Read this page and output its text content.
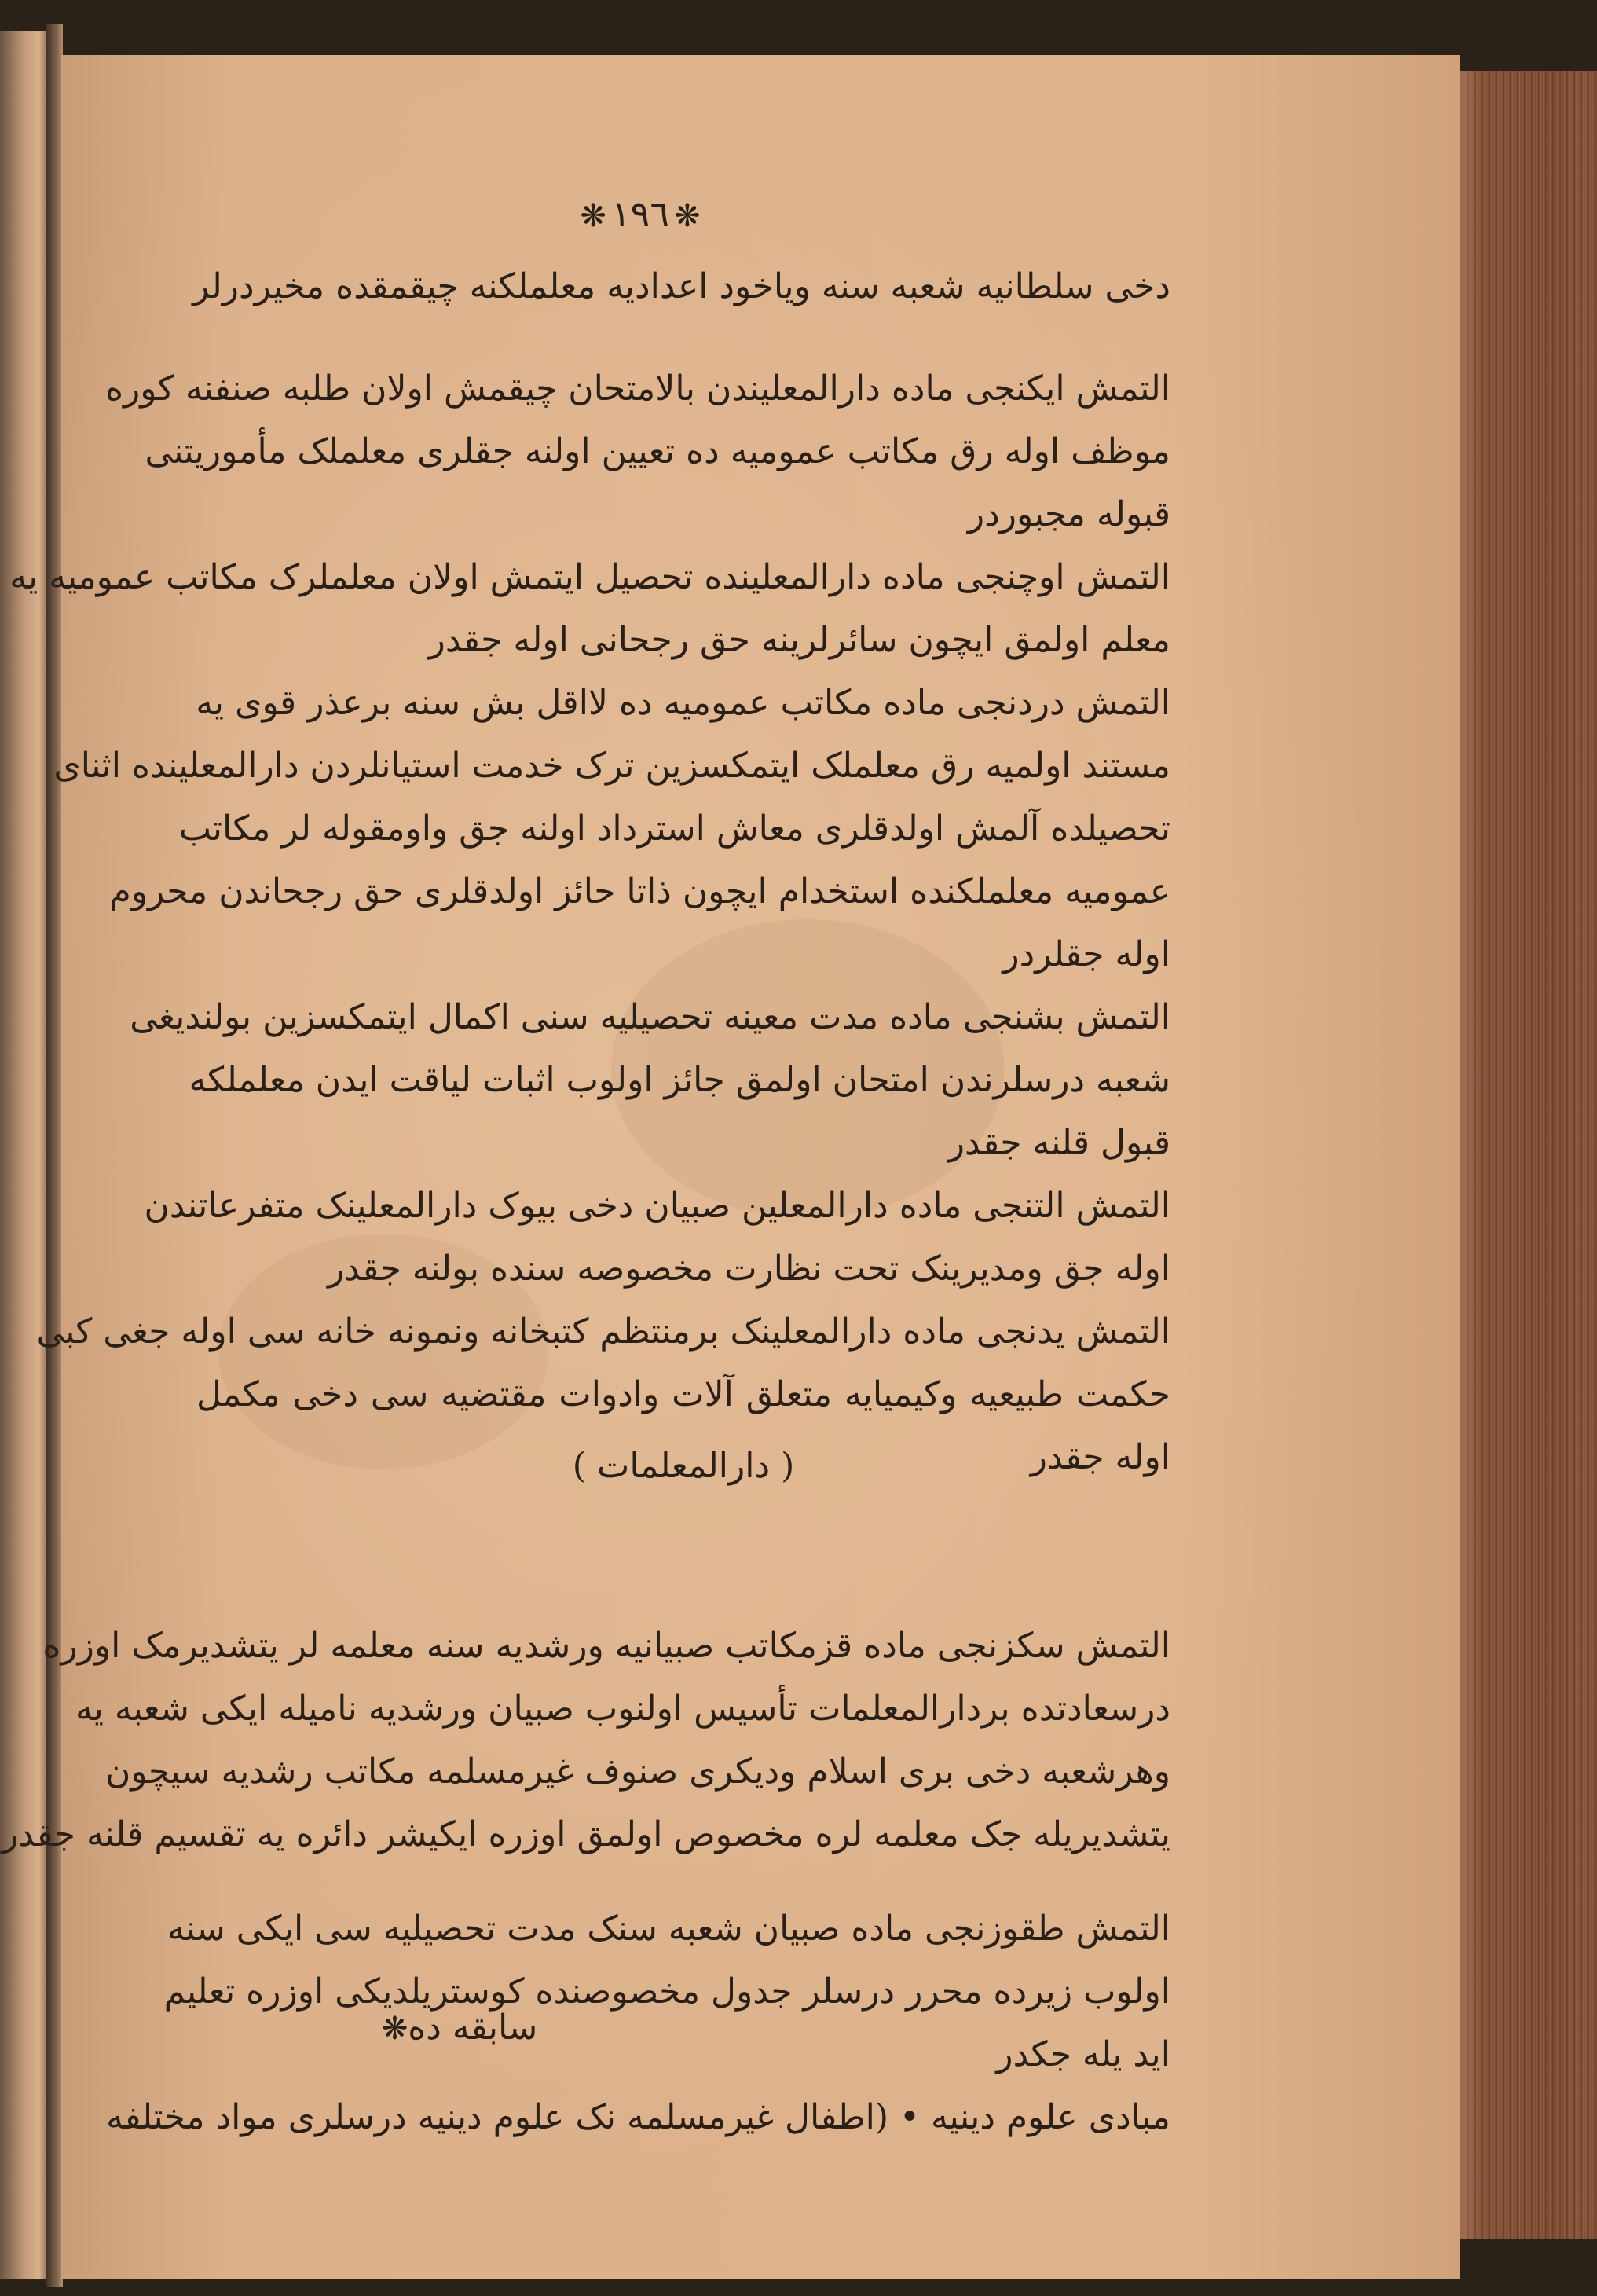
❋١٩٦❋
دخی سلطانیه شعبه سنه ویاخود اعدادیه معلملکنه چیقمقده مخیردرلر
التمش ایکنجی ماده دارالمعلیندن بالامتحان چیقمش اولان طلبه صنفنه کوره
موظف اوله رق مکاتب عمومیه ده تعیین اولنه جقلری معلملک مأموریتنی
قبوله مجبوردر
التمش اوچنجی ماده دارالمعلینده تحصیل ایتمش اولان معلملرک مکاتب عمومیه یه
معلم اولمق ایچون سائرلرینه حق رجحانی اوله جقدر
التمش دردنجی ماده مکاتب عمومیه ده لااقل بش سنه برعذر قوی یه
مستند اولمیه رق معلملک ایتمکسزین ترک خدمت استیانلردن دارالمعلینده اثنای
تحصیلده آلمش اولدقلری معاش استرداد اولنه جق واومقوله لر مکاتب
عمومیه معلملکنده استخدام ایچون ذاتا حائز اولدقلری حق رجحاندن محروم
اوله جقلردر
التمش بشنجی ماده مدت معینه تحصیلیه سنی اکمال ایتمکسزین بولندیغی
شعبه درسلرندن امتحان اولمق جائز اولوب اثبات لیاقت ایدن معلملکه
قبول قلنه جقدر
التمش التنجی ماده دارالمعلین صبیان دخی بیوک دارالمعلینک متفرعاتندن
اوله جق ومدیرینک تحت نظارت مخصوصه سنده بولنه جقدر
التمش یدنجی ماده دارالمعلینک برمنتظم کتبخانه ونمونه خانه سی اوله جغی کبی
حکمت طبیعیه وکیمیایه متعلق آلات وادوات مقتضیه سی دخی مکمل
اوله جقدر
التمش سکزنجی ماده قزمکاتب صبیانیه ورشدیه سنه معلمه لر یتشدیرمک اوزره
درسعادتده بردارالمعلمات تأسیس اولنوب صبیان ورشدیه نامیله ایکی شعبه یه
وهرشعبه دخی بری اسلام ودیکری صنوف غیرمسلمه مکاتب رشدیه سیچون
یتشدیریله جک معلمه لره مخصوص اولمق اوزره ایکیشر دائره یه تقسیم قلنه جقدر
التمش طقوزنجی ماده صبیان شعبه سنک مدت تحصیلیه سی ایکی سنه
اولوب زیرده محرر درسلر جدول مخصوصنده کوستریلدیکی اوزره تعلیم
اید یله جکدر
مبادی علوم دینیه • (اطفال غیرمسلمه نک علوم دینیه درسلری مواد مختلفه
( دارالمعلمات )
سابقه ده❋
